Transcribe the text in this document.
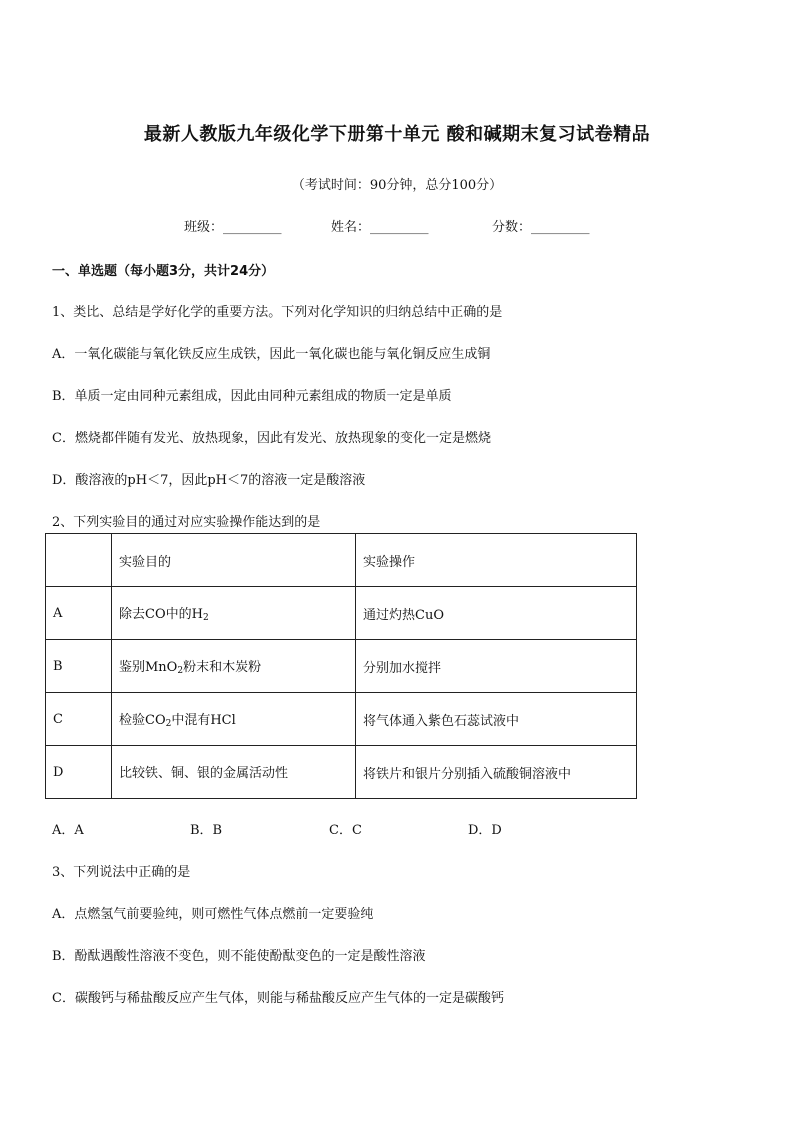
最新人教版九年级化学下册第十单元 酸和碱期末复习试卷精品
（考试时间：90分钟，总分100分）
班级：_________	姓名：_________	分数：_________
一、单选题（每小题3分，共计24分）
1、类比、总结是学好化学的重要方法。下列对化学知识的归纳总结中正确的是
A．一氧化碳能与氧化铁反应生成铁，因此一氧化碳也能与氧化铜反应生成铜
B．单质一定由同种元素组成，因此由同种元素组成的物质一定是单质
C．燃烧都伴随有发光、放热现象，因此有发光、放热现象的变化一定是燃烧
D．酸溶液的pH＜7，因此pH＜7的溶液一定是酸溶液
2、下列实验目的通过对应实验操作能达到的是
	实验目的	实验操作
A	除去CO中的$H_2$	通过灼热CuO
B	鉴别MnO$_2$粉末和木炭粉	分别加水搅拌
C	检验$CO_2$中混有HCl	将气体通入紫色石蕊试液中
D	比较铁、铜、银的金属活动性	将铁片和银片分别插入硫酸铜溶液中
A．A	B．B	C．C	D．D
3、下列说法中正确的是
A．点燃氢气前要验纯，则可燃性气体点燃前一定要验纯
B．酚酞遇酸性溶液不变色，则不能使酚酞变色的一定是酸性溶液
C．碳酸钙与稀盐酸反应产生气体，则能与稀盐酸反应产生气体的一定是碳酸钙
